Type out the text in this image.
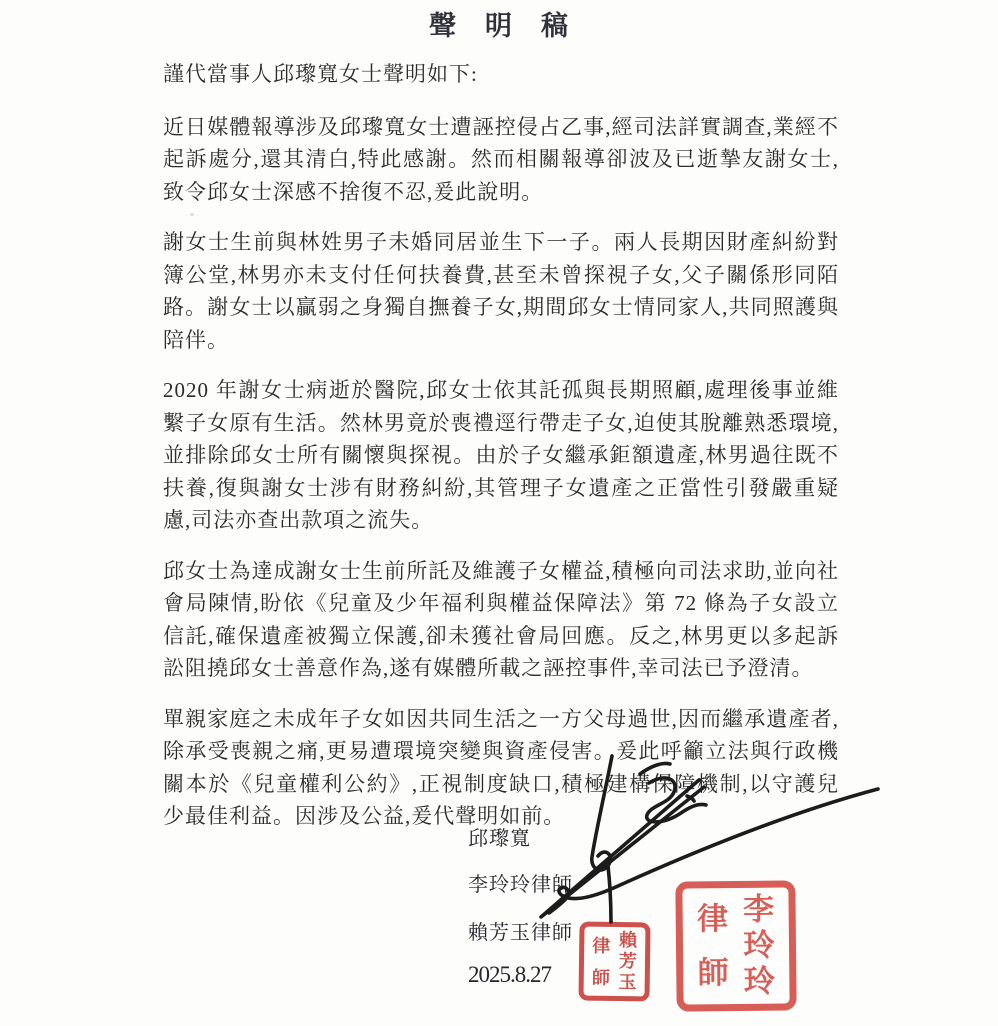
聲　明　稿

謹代當事人邱瓈寬女士聲明如下:

近日媒體報導涉及邱瓈寬女士遭誣控侵占乙事,經司法詳實調查,業經不起訴處分,還其清白,特此感謝。然而相關報導卻波及已逝摯友謝女士,致令邱女士深感不捨復不忍,爰此說明。

謝女士生前與林姓男子未婚同居並生下一子。兩人長期因財產糾紛對簿公堂,林男亦未支付任何扶養費,甚至未曾探視子女,父子關係形同陌路。謝女士以贏弱之身獨自撫養子女,期間邱女士情同家人,共同照護與陪伴。

2020 年謝女士病逝於醫院,邱女士依其託孤與長期照顧,處理後事並維繫子女原有生活。然林男竟於喪禮逕行帶走子女,迫使其脫離熟悉環境,並排除邱女士所有關懷與探視。由於子女繼承鉅額遺產,林男過往既不扶養,復與謝女士涉有財務糾紛,其管理子女遺產之正當性引發嚴重疑慮,司法亦查出款項之流失。

邱女士為達成謝女士生前所託及維護子女權益,積極向司法求助,並向社會局陳情,盼依《兒童及少年福利與權益保障法》第 72 條為子女設立信託,確保遺產被獨立保護,卻未獲社會局回應。反之,林男更以多起訴訟阻撓邱女士善意作為,遂有媒體所載之誣控事件,幸司法已予澄清。

單親家庭之未成年子女如因共同生活之一方父母過世,因而繼承遺產者,除承受喪親之痛,更易遭環境突變與資產侵害。爰此呼籲立法與行政機關本於《兒童權利公約》,正視制度缺口,積極建構保障機制,以守護兒少最佳利益。因涉及公益,爰代聲明如前。

邱瓈寬
李玲玲律師
賴芳玉律師
2025.8.27
賴芳玉
律師
李玲玲
律師
